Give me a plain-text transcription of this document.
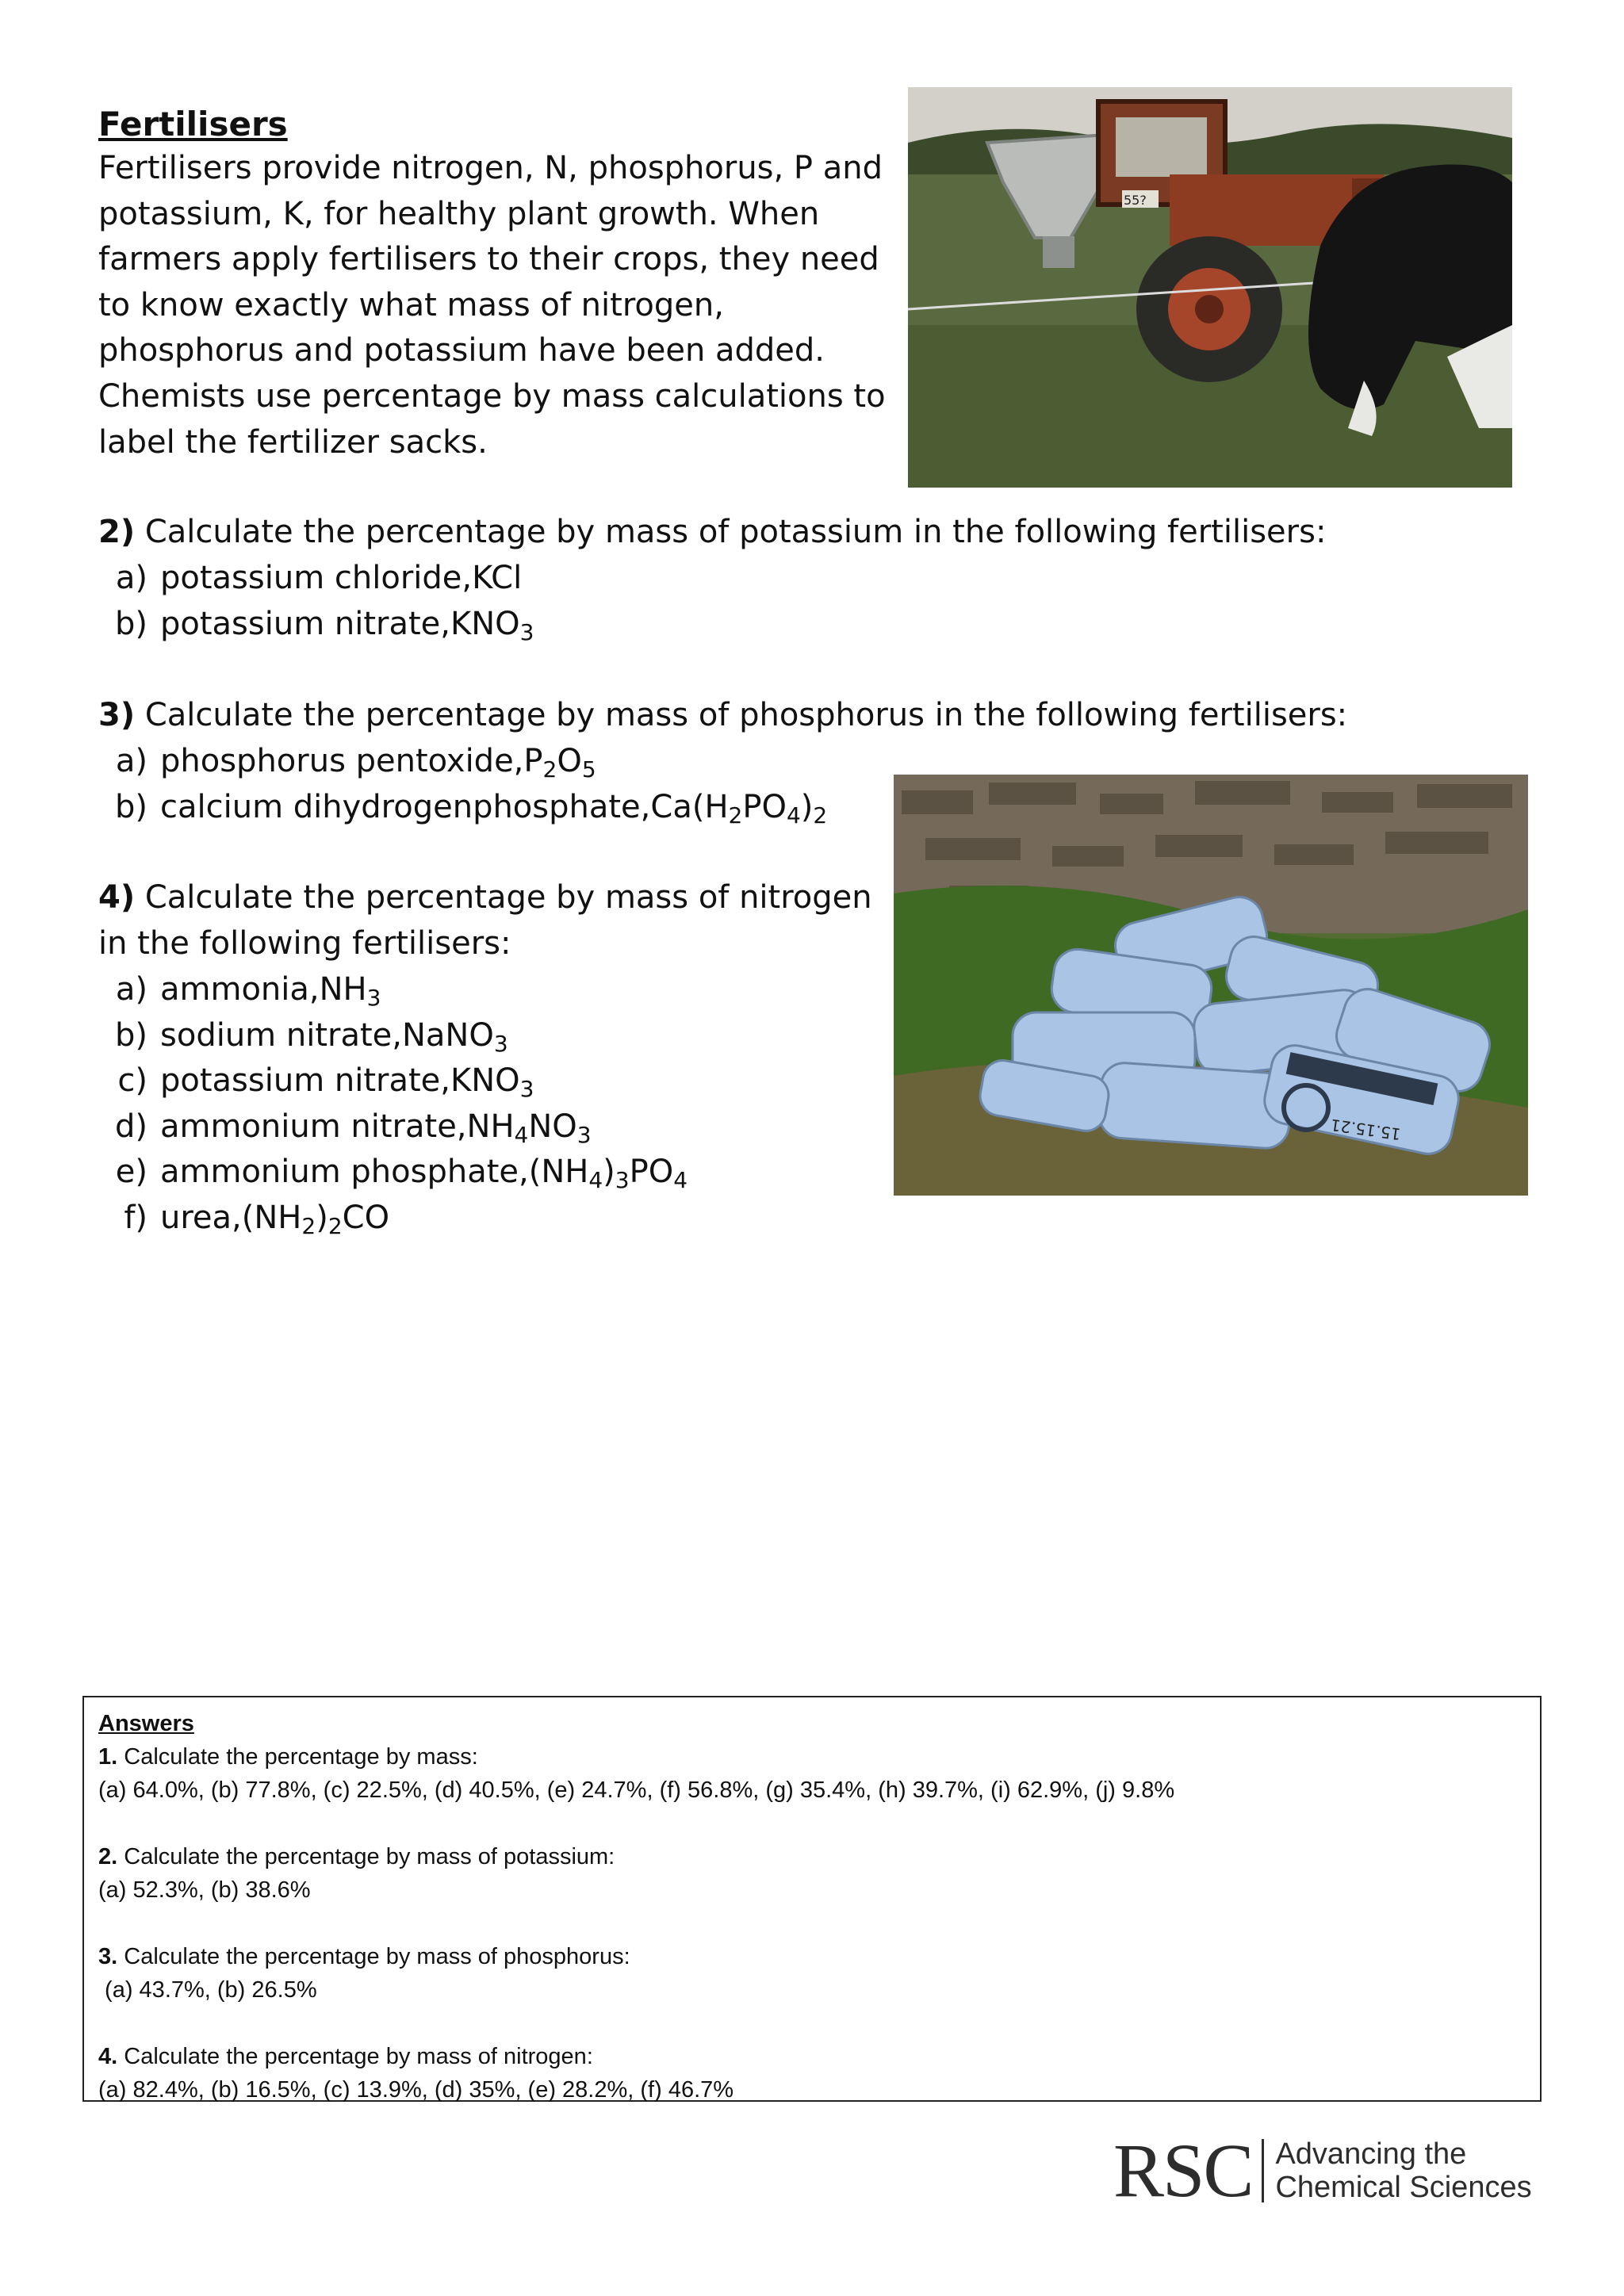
Fertilisers
Fertilisers provide nitrogen, N, phosphorus, P and potassium, K, for healthy plant growth. When farmers apply fertilisers to their crops, they need to know exactly what mass of nitrogen, phosphorus and potassium have been added. Chemists use percentage by mass calculations to label the fertilizer sacks.
55?
2) Calculate the percentage by mass of potassium in the following fertilisers:
a) potassium chloride, KCl
b) potassium nitrate, $KNO_3$
3) Calculate the percentage by mass of phosphorus in the following fertilisers:
a) phosphorus pentoxide, $P_2O_5$
b) calcium dihydrogenphosphate, $Ca(H_2PO_4)_2$
15.15.21
4) Calculate the percentage by mass of nitrogen
in the following fertilisers:
a) ammonia, $NH_3$
b) sodium nitrate, NaNO$_3$
c) potassium nitrate, $KNO_3$
d) ammonium nitrate, $NH_4NO_3$
e) ammonium phosphate, $(NH_4)_3PO_4$
f) urea, $(NH_2)_2CO$
Answers
1. Calculate the percentage by mass:
(a) 64.0%, (b) 77.8%, (c) 22.5%, (d) 40.5%, (e) 24.7%, (f) 56.8%, (g) 35.4%, (h) 39.7%, (i) 62.9%, (j) 9.8%
2. Calculate the percentage by mass of potassium:
(a) 52.3%, (b) 38.6%
3. Calculate the percentage by mass of phosphorus:
(a) 43.7%, (b) 26.5%
4. Calculate the percentage by mass of nitrogen:
(a) 82.4%, (b) 16.5%, (c) 13.9%, (d) 35%, (e) 28.2%, (f) 46.7%
RSC Advancing the
Chemical Sciences
